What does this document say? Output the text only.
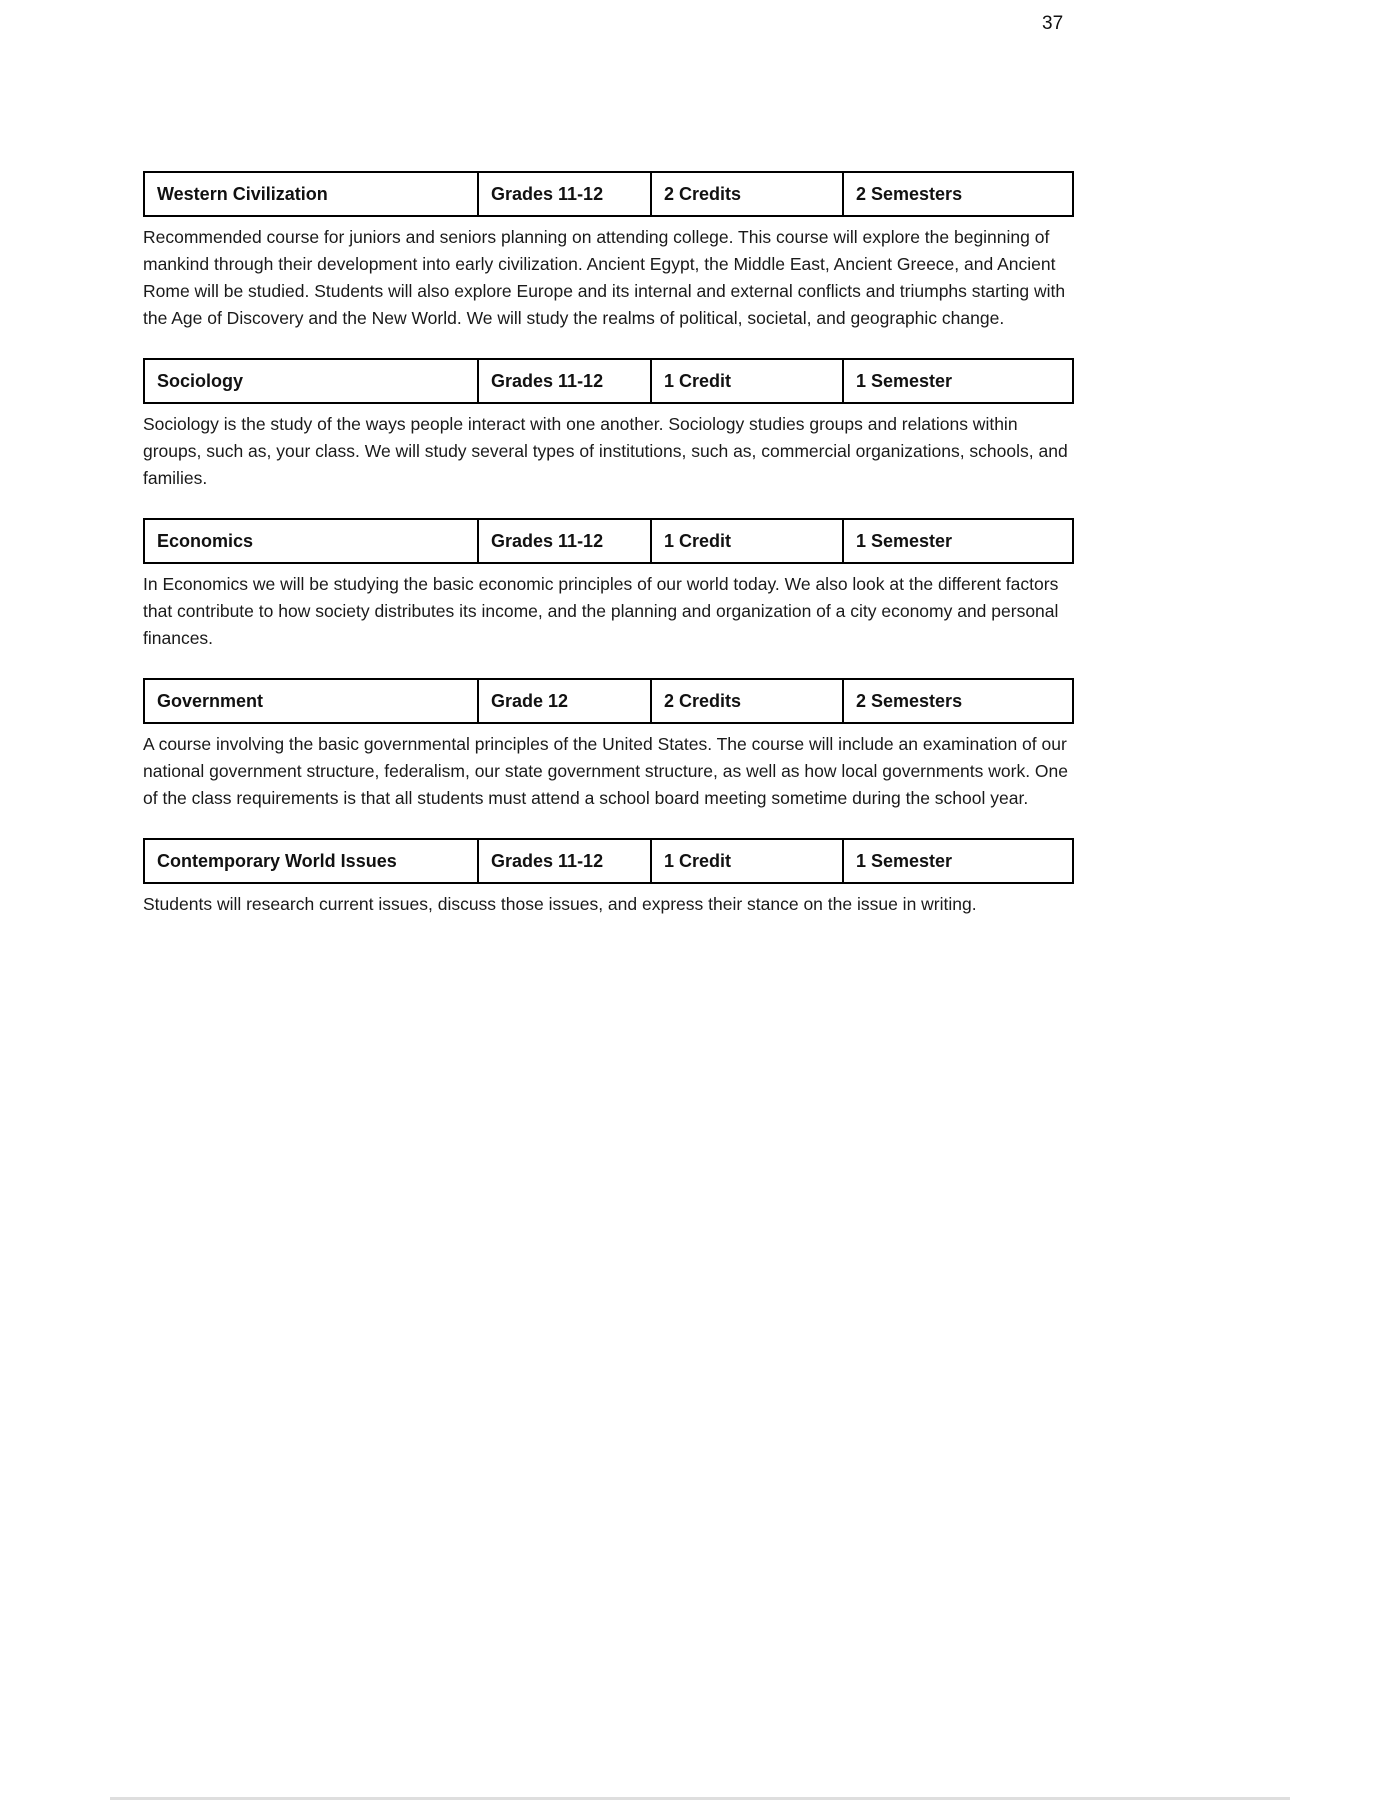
37
Western Civilization	Grades 11-12	2 Credits	2 Semesters

Recommended course for juniors and seniors planning on attending college. This course will explore the beginning of mankind through their development into early civilization. Ancient Egypt, the Middle East, Ancient Greece, and Ancient Rome will be studied. Students will also explore Europe and its internal and external conflicts and triumphs starting with the Age of Discovery and the New World. We will study the realms of political, societal, and geographic change.

Sociology	Grades 11-12	1 Credit	1 Semester

Sociology is the study of the ways people interact with one another. Sociology studies groups and relations within groups, such as, your class. We will study several types of institutions, such as, commercial organizations, schools, and families.

Economics	Grades 11-12	1 Credit	1 Semester

In Economics we will be studying the basic economic principles of our world today. We also look at the different factors that contribute to how society distributes its income, and the planning and organization of a city economy and personal finances.

Government	Grade 12	2 Credits	2 Semesters

A course involving the basic governmental principles of the United States. The course will include an examination of our national government structure, federalism, our state government structure, as well as how local governments work. One of the class requirements is that all students must attend a school board meeting sometime during the school year.

Contemporary World Issues	Grades 11-12	1 Credit	1 Semester

Students will research current issues, discuss those issues, and express their stance on the issue in writing.
